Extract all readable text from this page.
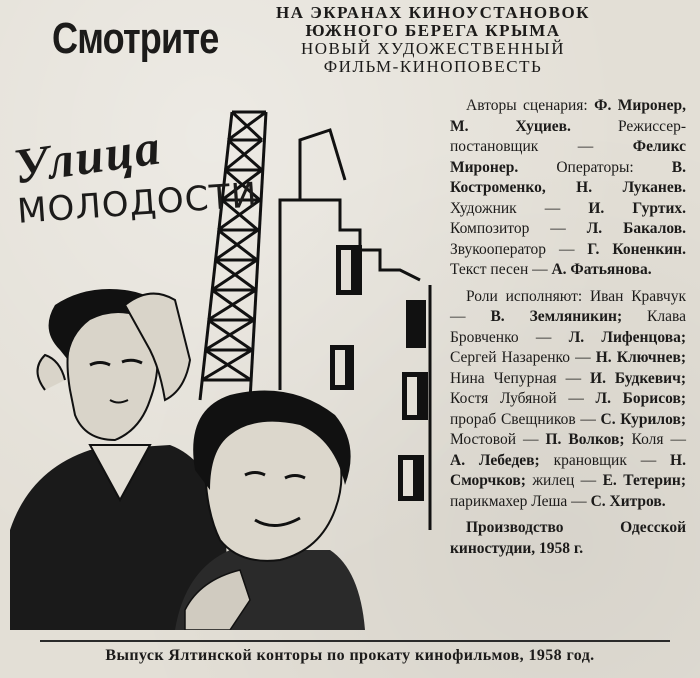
Смотрите
НА ЭКРАНАХ КИНОУСТАНОВОК
ЮЖНОГО БЕРЕГА КРЫМА
НОВЫЙ ХУДОЖЕСТВЕННЫЙ
ФИЛЬМ-КИНОПОВЕСТЬ
Улица
МОЛОДОСТИ

Авторы сценария: Ф. Миронер, М. Хуциев.	Режиссер-постановщик —	Феликс Миронер. Операторы: В. Костроменко, Н. Луканев. Художник — И. Гуртих. Композитор — Л. Бакалов. Звукооператор — Г. Коненкин. Текст песен — А. Фатьянова.

Роли исполняют: Иван Кравчук — В. Земляникин; Клава Бровченко — Л. Лифенцова; Сергей Назаренко — Н. Ключнев; Нина Чепурная — И. Будкевич; Костя Лубяной — Л. Борисов; прораб Свещников — С. Курилов; Мостовой — П. Волков; Коля — А. Лебедев; крановщик — Н. Сморчков; жилец — Е. Тетерин; парикмахер Леша — С. Хитров.

Производство Одесской киностудии, 1958 г.

Выпуск Ялтинской конторы по прокату кинофильмов, 1958 год.
